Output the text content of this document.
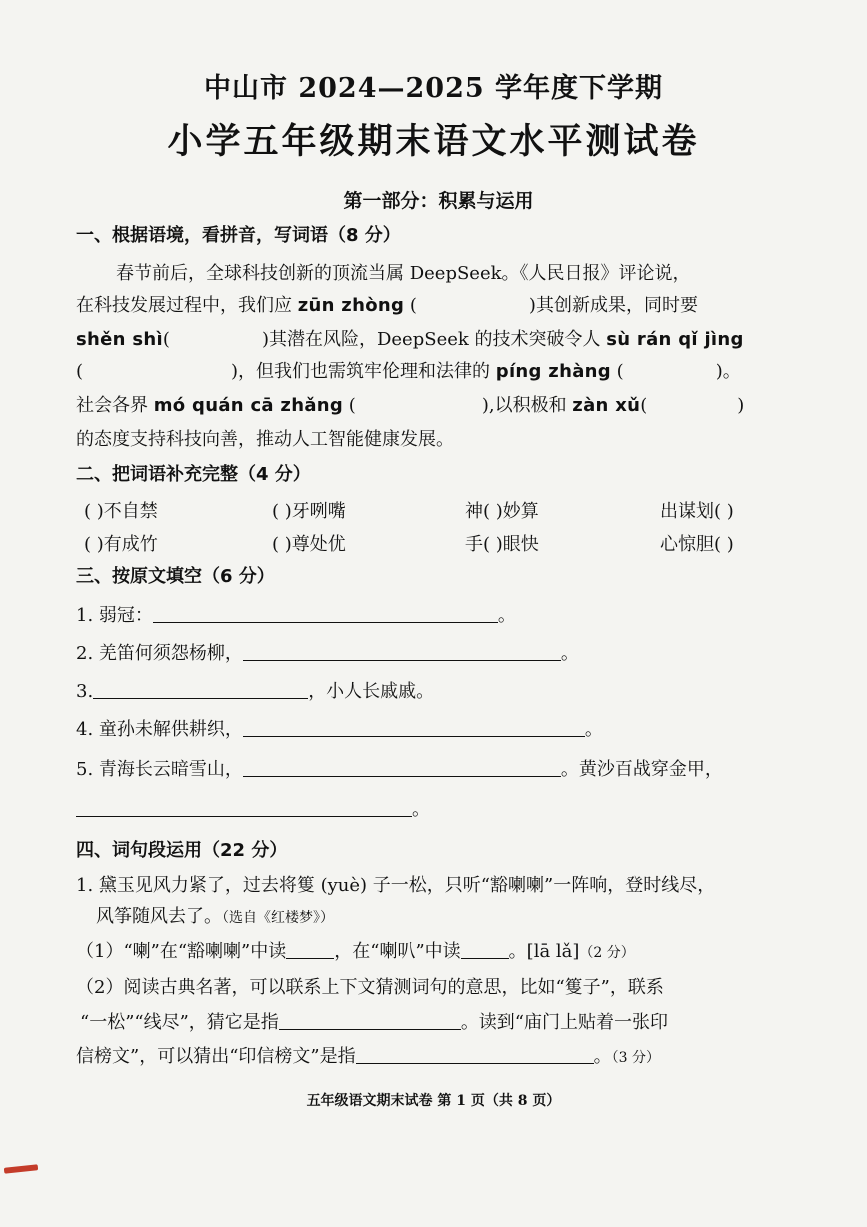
中山市 2024—2025 学年度下学期
小学五年级期末语文水平测试卷
第一部分：积累与运用
一、根据语境，看拼音，写词语（8 分）
春节前后，全球科技创新的顶流当属 DeepSeek。《人民日报》评论说，
在科技发展过程中，我们应 zūn zhòng (	)其创新成果，同时要
shěn shì(	)其潜在风险，DeepSeek 的技术突破令人 sù rán qǐ jìng
(	)，但我们也需筑牢伦理和法律的 píng zhàng (	)。
社会各界 mó quán cā zhǎng (	),以积极和 zàn xǔ(	)
的态度支持科技向善，推动人工智能健康发展。
二、把词语补充完整（4 分）
( )不自禁	( )牙咧嘴	神( )妙算	出谋划( )
( )有成竹	( )尊处优	手( )眼快	心惊胆( )
三、按原文填空（6 分）
1. 弱冠：	。
2. 羌笛何须怨杨柳，	。
3.	，小人长戚戚。
4. 童孙未解供耕织，	。
5. 青海长云暗雪山，	。黄沙百战穿金甲，
。
四、词句段运用（22 分）
1. 黛玉见风力紧了，过去将篗 (yuè) 子一松，只听“豁喇喇”一阵响，登时线尽，
风筝随风去了。（选自《红楼梦》）
（1）“喇”在“豁喇喇”中读	，在“喇叭”中读	。[lā lǎ]（2 分）
（2）阅读古典名著，可以联系上下文猜测词句的意思，比如“篗子”，联系
“一松”“线尽”，猜它是指	。读到“庙门上贴着一张印
信榜文”，可以猜出“印信榜文”是指	。（3 分）
五年级语文期末试卷 第 1 页（共 8 页）
